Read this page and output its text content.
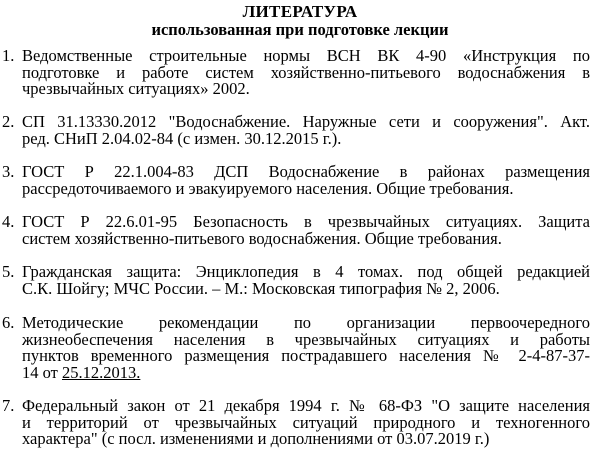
ЛИТЕРАТУРА
использованная при подготовке лекции
1. Ведомственные строительные нормы ВСН ВК 4-90 «Инструкция по
подготовке и работе систем хозяйственно-питьевого водоснабжения в
чрезвычайных ситуациях» 2002.
2. СП 31.13330.2012 "Водоснабжение. Наружные сети и сооружения". Акт.
ред. СНиП 2.04.02-84 (с измен. 30.12.2015 г.).
3. ГОСТ Р 22.1.004-83 ДСП Водоснабжение в районах размещения
рассредоточиваемого и эвакуируемого населения. Общие требования.
4. ГОСТ Р 22.6.01-95 Безопасность в чрезвычайных ситуациях. Защита
систем хозяйственно-питьевого водоснабжения. Общие требования.
5. Гражданская защита: Энциклопедия в 4 томах. под общей редакцией
С.К. Шойгу; МЧС России. – М.: Московская типография № 2, 2006.
6. Методические рекомендации по организации первоочередного
жизнеобеспечения населения в чрезвычайных ситуациях и работы
пунктов временного размещения пострадавшего населения № 2-4-87-37-
14 от 25.12.2013.
7. Федеральный закон от 21 декабря 1994 г. № 68-ФЗ "О защите населения
и территорий от чрезвычайных ситуаций природного и техногенного
характера" (с посл. изменениями и дополнениями от 03.07.2019 г.)
